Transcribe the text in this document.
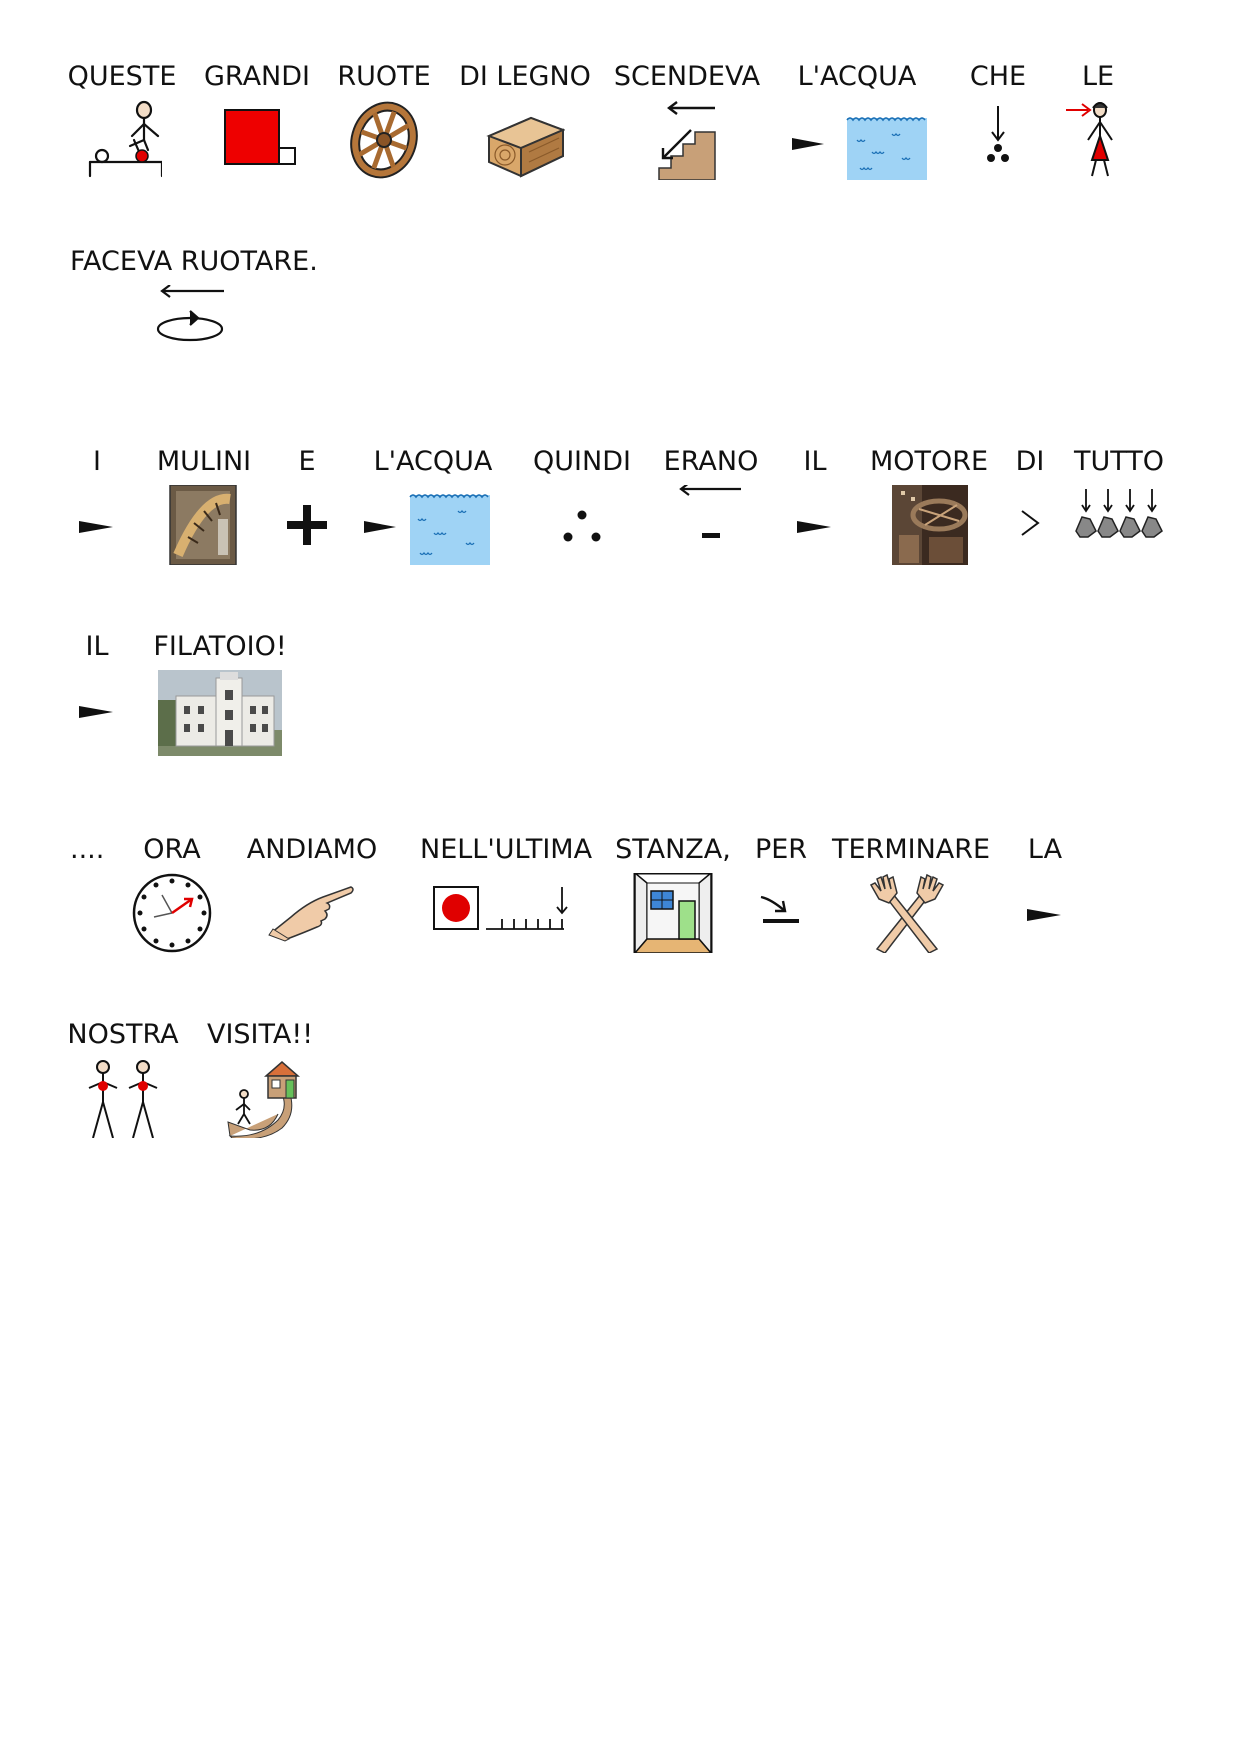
QUESTE	GRANDI	RUOTE	DI LEGNO SCENDEVA	L'ACQUA	CHE	LE
FACEVA RUOTARE.
I	MULINI	E	L'ACQUA	QUINDI	ERANO	IL	MOTORE	DI	TUTTO
IL	FILATOIO!
....	ORA	ANDIAMO	NELL'ULTIMA STANZA, PER TERMINARE	LA
NOSTRA	VISITA!!
